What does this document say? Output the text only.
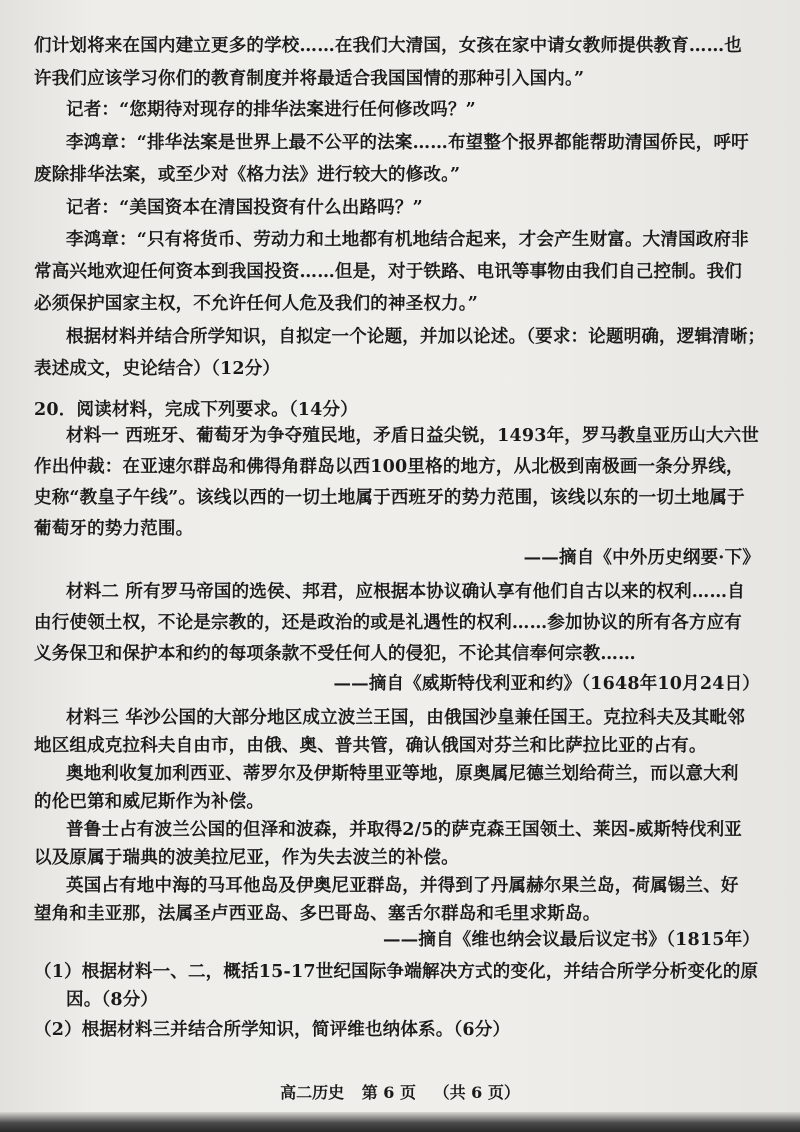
们计划将来在国内建立更多的学校……在我们大清国，女孩在家中请女教师提供教育……也
许我们应该学习你们的教育制度并将最适合我国国情的那种引入国内。”
记者：“您期待对现存的排华法案进行任何修改吗？”
李鸿章：“排华法案是世界上最不公平的法案……布望整个报界都能帮助清国侨民，呼吁
废除排华法案，或至少对《格力法》进行较大的修改。”
记者：“美国资本在清国投资有什么出路吗？”
李鸿章：“只有将货币、劳动力和土地都有机地结合起来，才会产生财富。大清国政府非
常高兴地欢迎任何资本到我国投资……但是，对于铁路、电讯等事物由我们自己控制。我们
必须保护国家主权，不允许任何人危及我们的神圣权力。”
根据材料并结合所学知识，自拟定一个论题，并加以论述。（要求：论题明确，逻辑清晰；
表述成文，史论结合）（12分）
20．阅读材料，完成下列要求。（14分）
材料一 西班牙、葡萄牙为争夺殖民地，矛盾日益尖锐，1493年，罗马教皇亚历山大六世
作出仲裁：在亚速尔群岛和佛得角群岛以西100里格的地方，从北极到南极画一条分界线，
史称“教皇子午线”。该线以西的一切土地属于西班牙的势力范围，该线以东的一切土地属于
葡萄牙的势力范围。
——摘自《中外历史纲要·下》
材料二 所有罗马帝国的选侯、邦君，应根据本协议确认享有他们自古以来的权利……自
由行使领土权，不论是宗教的，还是政治的或是礼遇性的权利……参加协议的所有各方应有
义务保卫和保护本和约的每项条款不受任何人的侵犯，不论其信奉何宗教……
——摘自《威斯特伐利亚和约》（1648年10月24日）
材料三 华沙公国的大部分地区成立波兰王国，由俄国沙皇兼任国王。克拉科夫及其毗邻
地区组成克拉科夫自由市，由俄、奥、普共管，确认俄国对芬兰和比萨拉比亚的占有。
奥地利收复加利西亚、蒂罗尔及伊斯特里亚等地，原奥属尼德兰划给荷兰，而以意大利
的伦巴第和威尼斯作为补偿。
普鲁士占有波兰公国的但泽和波森，并取得2/5的萨克森王国领土、莱因-威斯特伐利亚
以及原属于瑞典的波美拉尼亚，作为失去波兰的补偿。
英国占有地中海的马耳他岛及伊奥尼亚群岛，并得到了丹属赫尔果兰岛，荷属锡兰、好
望角和圭亚那，法属圣卢西亚岛、多巴哥岛、塞舌尔群岛和毛里求斯岛。
——摘自《维也纳会议最后议定书》（1815年）
（1）根据材料一、二，概括15-17世纪国际争端解决方式的变化，并结合所学分析变化的原
因。（8分）
高二历史 第 6 页 （共 6 页）
（2）根据材料三并结合所学知识，简评维也纳体系。（6分）
